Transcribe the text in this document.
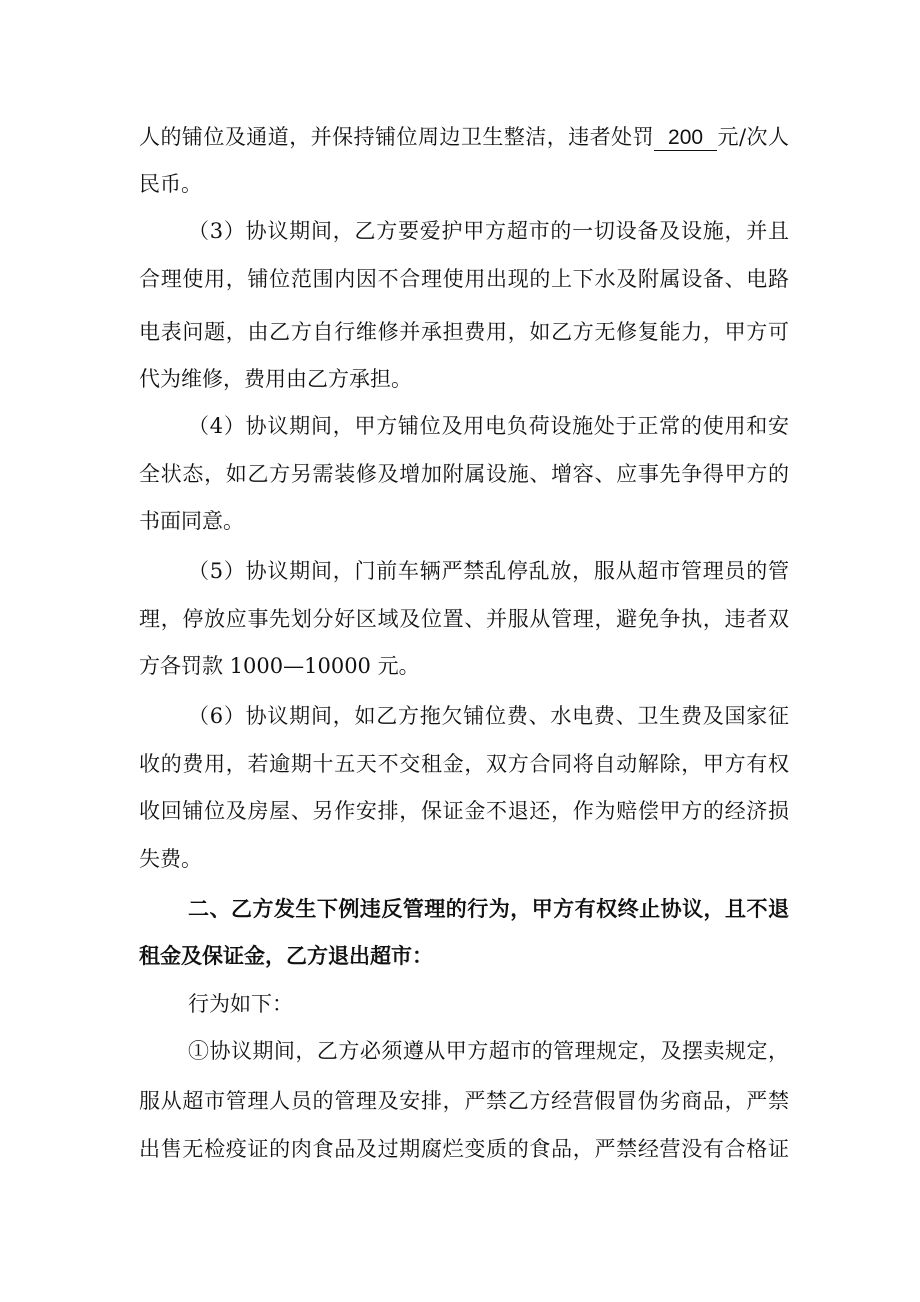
人的铺位及通道，并保持铺位周边卫生整洁，违者处罚 200 元/次人
民币。
（3）协议期间，乙方要爱护甲方超市的一切设备及设施，并且
合理使用，铺位范围内因不合理使用出现的上下水及附属设备、电路
电表问题，由乙方自行维修并承担费用，如乙方无修复能力，甲方可
代为维修，费用由乙方承担。
（4）协议期间，甲方铺位及用电负荷设施处于正常的使用和安
全状态，如乙方另需装修及增加附属设施、增容、应事先争得甲方的
书面同意。
（5）协议期间，门前车辆严禁乱停乱放，服从超市管理员的管
理，停放应事先划分好区域及位置、并服从管理，避免争执，违者双
方各罚款 1000—10000 元。
（6）协议期间，如乙方拖欠铺位费、水电费、卫生费及国家征
收的费用，若逾期十五天不交租金，双方合同将自动解除，甲方有权
收回铺位及房屋、另作安排，保证金不退还，作为赔偿甲方的经济损
失费。
二、乙方发生下例违反管理的行为，甲方有权终止协议，且不退
租金及保证金，乙方退出超市：
行为如下：
①协议期间，乙方必须遵从甲方超市的管理规定，及摆卖规定，
服从超市管理人员的管理及安排，严禁乙方经营假冒伪劣商品，严禁
出售无检疫证的肉食品及过期腐烂变质的食品，严禁经营没有合格证
